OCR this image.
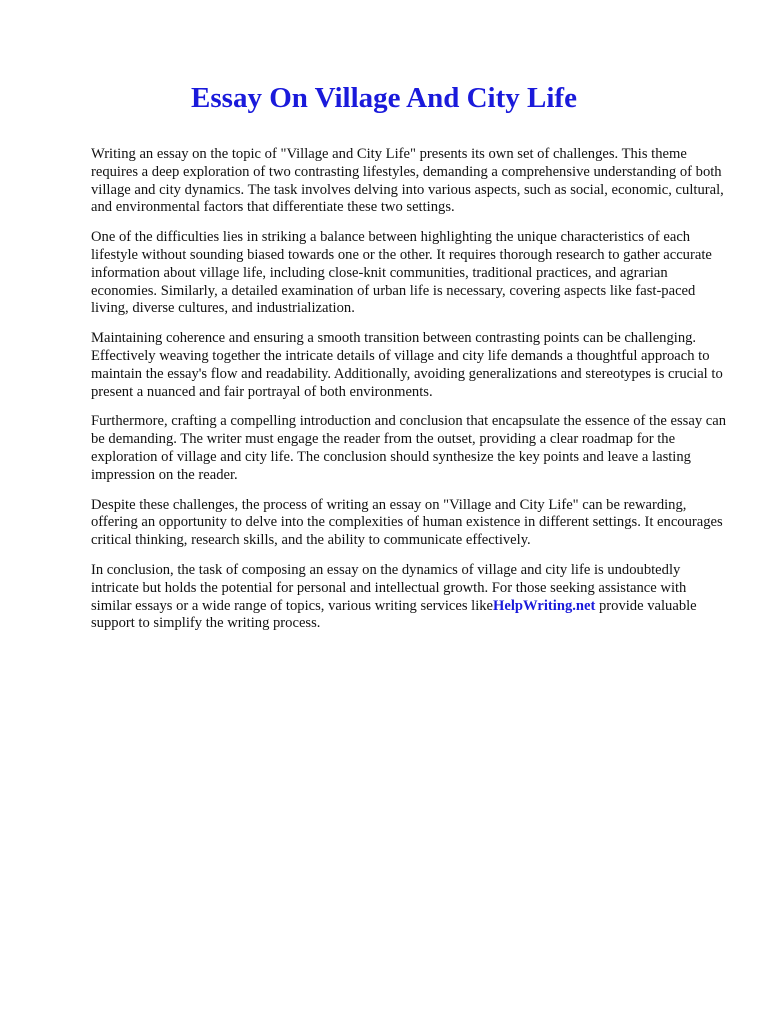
Essay On Village And City Life

Writing an essay on the topic of "Village and City Life" presents its own set of challenges. This theme requires a deep exploration of two contrasting lifestyles, demanding a comprehensive understanding of both village and city dynamics. The task involves delving into various aspects, such as social, economic, cultural, and environmental factors that differentiate these two settings.

One of the difficulties lies in striking a balance between highlighting the unique characteristics of each lifestyle without sounding biased towards one or the other. It requires thorough research to gather accurate information about village life, including close-knit communities, traditional practices, and agrarian economies. Similarly, a detailed examination of urban life is necessary, covering aspects like fast-paced living, diverse cultures, and industrialization.

Maintaining coherence and ensuring a smooth transition between contrasting points can be challenging. Effectively weaving together the intricate details of village and city life demands a thoughtful approach to maintain the essay's flow and readability. Additionally, avoiding generalizations and stereotypes is crucial to present a nuanced and fair portrayal of both environments.

Furthermore, crafting a compelling introduction and conclusion that encapsulate the essence of the essay can be demanding. The writer must engage the reader from the outset, providing a clear roadmap for the exploration of village and city life. The conclusion should synthesize the key points and leave a lasting impression on the reader.

Despite these challenges, the process of writing an essay on "Village and City Life" can be rewarding, offering an opportunity to delve into the complexities of human existence in different settings. It encourages critical thinking, research skills, and the ability to communicate effectively.

In conclusion, the task of composing an essay on the dynamics of village and city life is undoubtedly intricate but holds the potential for personal and intellectual growth. For those seeking assistance with similar essays or a wide range of topics, various writing services likeHelpWriting.net provide valuable support to simplify the writing process.
